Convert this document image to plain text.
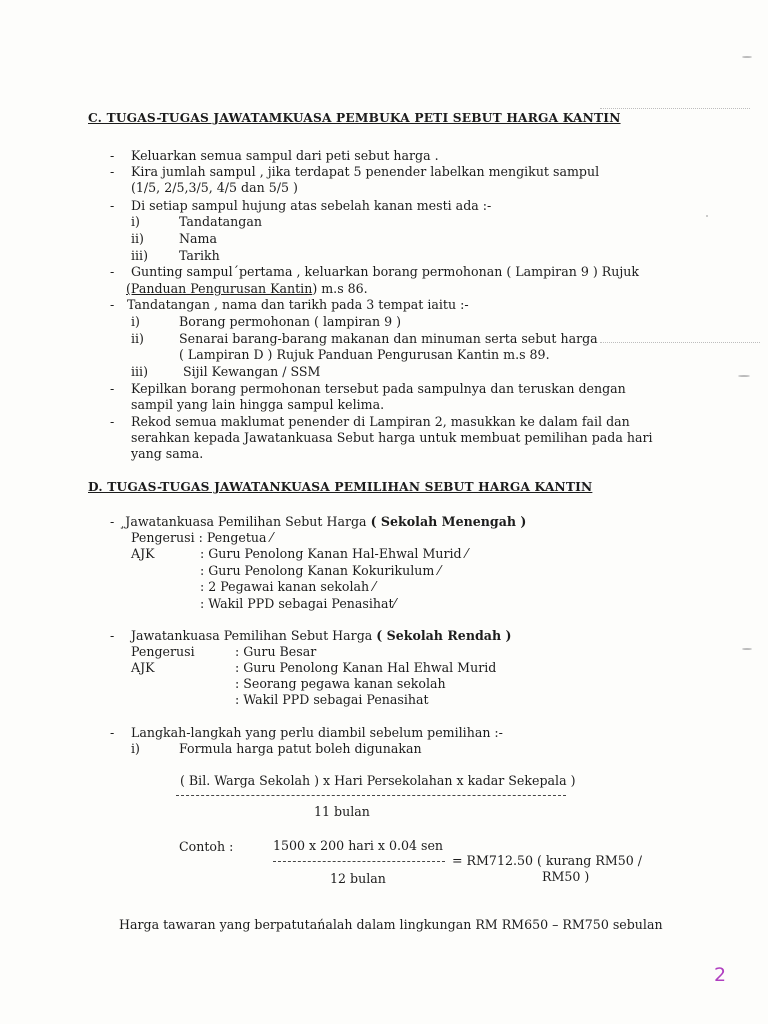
C. TUGAS-TUGAS JAWATAMKUASA PEMBUKA PETI SEBUT HARGA KANTIN
- Keluarkan semua sampul dari peti sebut harga .
- Kira jumlah sampul , jika terdapat 5 penender labelkan mengikut sampul
(1/5, 2/5,3/5, 4/5 dan 5/5 )
- Di setiap sampul hujung atas sebelah kanan mesti ada :-
i)	Tandatangan
ii)	Nama
iii) Tarikh
- Gunting sampul´pertama , keluarkan borang permohonan ( Lampiran 9 ) Rujuk
(Panduan Pengurusan Kantin) m.s 86.
- Tandatangan , nama dan tarikh pada 3 tempat iaitu :-
i)	Borang permohonan ( lampiran 9 )
ii)	Senarai barang-barang makanan dan minuman serta sebut harga
( Lampiran D ) Rujuk Panduan Pengurusan Kantin m.s 89.
iii)	Sijil Kewangan / SSM
- Kepilkan borang permohonan tersebut pada sampulnya dan teruskan dengan
sampil yang lain hingga sampul kelima.
- Rekod semua maklumat penender di Lampiran 2, masukkan ke dalam fail dan
serahkan kepada Jawatankuasa Sebut harga untuk membuat pemilihan pada hari
yang sama.
D. TUGAS-TUGAS JAWATANKUASA PEMILIHAN SEBUT HARGA KANTIN
- ¸Jawatankuasa Pemilihan Sebut Harga ( Sekolah Menengah )
Pengerusi : Pengetua ⁄
AJK	: Guru Penolong Kanan Hal-Ehwal Murid ⁄
: Guru Penolong Kanan Kokurikulum ⁄
: 2 Pegawai kanan sekolah ⁄
: Wakil PPD sebagai Penasihat⁄
- Jawatankuasa Pemilihan Sebut Harga ( Sekolah Rendah )
Pengerusi	: Guru Besar
AJK	: Guru Penolong Kanan Hal Ehwal Murid
: Seorang pegawa kanan sekolah
: Wakil PPD sebagai Penasihat
- Langkah-langkah yang perlu diambil sebelum pemilihan :-
i)	Formula harga patut boleh digunakan
( Bil. Warga Sekolah ) x Hari Persekolahan x kadar Sekepala )
11 bulan
Contoh :	1500 x 200 hari x 0.04 sen
= RM712.50 ( kurang RM50 /
12 bulan	RM50 )
Harga tawaran yang berpatutańalah dalam lingkungan RM RM650 – RM750 sebulan
2
